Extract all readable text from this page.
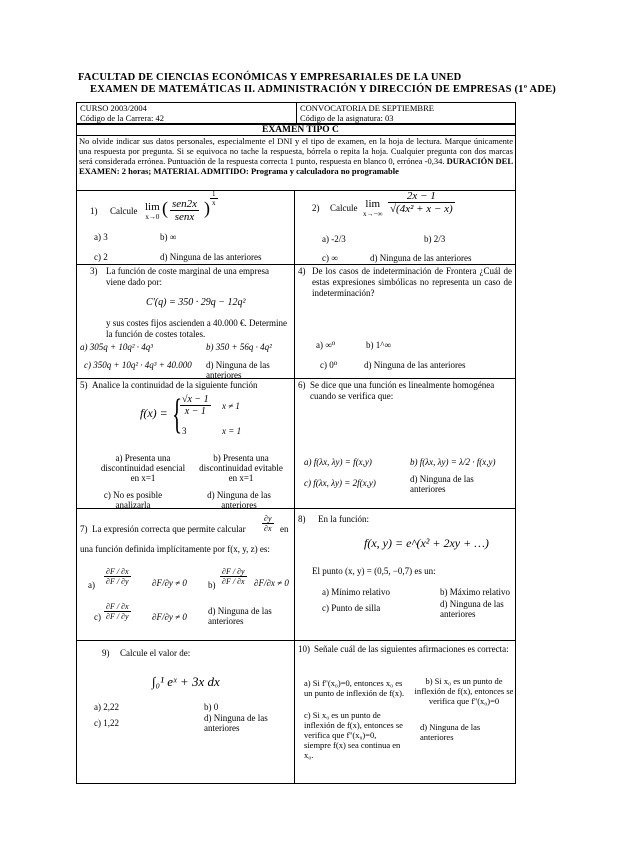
FACULTAD DE CIENCIAS ECONÓMICAS Y EMPRESARIALES DE LA UNED
EXAMEN DE MATEMÁTICAS II. ADMINISTRACIÓN Y DIRECCIÓN DE EMPRESAS (1º ADE)
CURSO 2003/2004
Código de la Carrera: 42
CONVOCATORIA DE SEPTIEMBRE
Código de la asignatura: 03
EXAMEN TIPO C
No olvide indicar sus datos personales, especialmente el DNI y el tipo de examen, en la hoja de lectura. Marque únicamente una respuesta por pregunta. Si se equivoca no tache la respuesta, bórrela o repita la hoja. Cualquier pregunta con dos marcas será considerada errónea. Puntuación de la respuesta correcta 1 punto, respuesta en blanco 0, errónea -0,34. DURACIÓN DEL EXAMEN: 2 horas; MATERIAL ADMITIDO: Programa y calculadora no programable
1) Calcule lim
x→0 ( sen2x
senx ) $\frac{1}{x}$
a) 3	b) ∞
c) 2	d) Ninguna de las anteriores
2) Calcule lim
$x\to-\infty \frac{2x - 1}{\text{√(4x² + x − x)}}$
a) -2/3	b) 2/3
c) ∞	d) Ninguna de las anteriores
3) La función de coste marginal de una empresa viene dado por:
C'(q) = 350 · 29q − 12q²
y sus costes fijos ascienden a 40.000 €. Determine la función de costes totales.
a) 305q + 10q² · 4q³	b) 350 + 56q · 4q²
c) 350q + 10q² · 4q³ + 40.000 d) Ninguna de las anteriores
4) De los casos de indeterminación de Frontera ¿Cuál de estas expresiones simbólicas no representa un caso de indeterminación?
a) ∞⁰	b) 1^∞
c) 0⁰	d) Ninguna de las anteriores
5) Analice la continuidad de la siguiente función
f(x) = {
$\frac{√x - 1}{x - 1}$ x ≠ 1
3	x = 1
a) Presenta una discontinuidad esencial en x=1
b) Presenta una discontinuidad evitable en x=1
c) No es posible analizarla
d) Ninguna de las anteriores
6) Se dice que una función es linealmente homogénea cuando se verifica que:
a) f(λx, λy) = f(x,y)	b) f(λx, λy) = λ/2 · f(x,y)
c) f(λx, λy) = 2f(x,y)	d) Ninguna de las anteriores
7) La expresión correcta que permite calcular $\frac{\partial y}{\partial x}$ en
una función definida implícitamente por f(x, y, z) es:
$a) \frac{\partial F / \partial x}{\partial F / \partial y} \partial F/\partial y \ne 0$ $b) \frac{\partial F / \partial y}{\partial F / \partial x} \partial F/\partial x \ne 0$
$c) \frac{\partial F / \partial x}{\partial F / \partial y} \partial F/\partial y \ne 0$
d) Ninguna de las anteriores
8) En la función:
f(x, y) = e^(x² + 2xy + …)
El punto (x, y) = (0,5, −0,7) es un:
a) Mínimo relativo	b) Máximo relativo
c) Punto de silla	d) Ninguna de las anteriores
9) Calcule el valor de:
∫₀¹ eˣ + 3x dx
a) 2,22	b) 0
c) 1,22	d) Ninguna de las anteriores
10) Señale cuál de las siguientes afirmaciones es correcta:
a) Si f''(x₀)=0, entonces x₀ es un punto de inflexión de f(x).
b) Si x₀ es un punto de inflexión de f(x), entonces se verifica que f''(x₀)=0
c) Si x₀ es un punto de inflexión de f(x), entonces se verifica que f''(x₀)=0, siempre f(x) sea continua en x₀.
d) Ninguna de las anteriores
